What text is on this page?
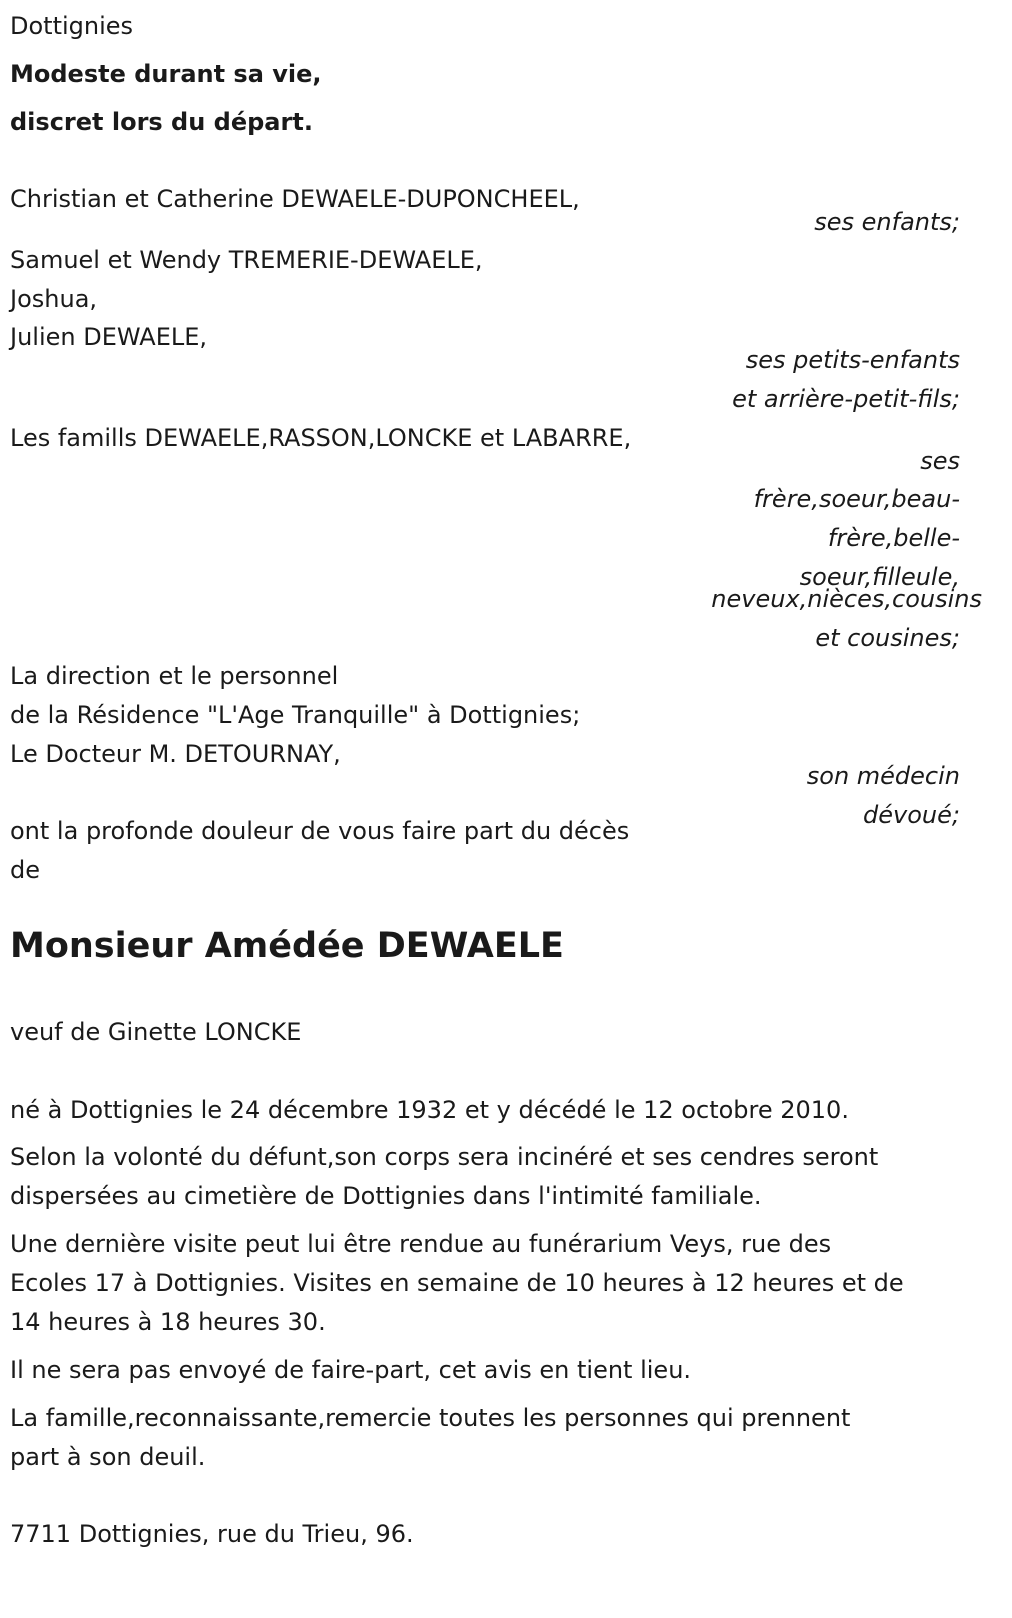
Dottignies
Modeste durant sa vie,
discret lors du départ.
Christian et Catherine DEWAELE-DUPONCHEEL,
ses enfants;
Samuel et Wendy TREMERIE-DEWAELE,
Joshua,
Julien DEWAELE,
ses petits-enfants
et arrière-petit-fils;
Les famills DEWAELE,RASSON,LONCKE et LABARRE,
ses
frère,soeur,beau-
frère,belle-
soeur,filleule,
neveux,nièces,cousins
et cousines;
La direction et le personnel
de la Résidence "L'Age Tranquille" à Dottignies;
Le Docteur M. DETOURNAY,
son médecin
dévoué;
ont la profonde douleur de vous faire part du décès
de
Monsieur Amédée DEWAELE
veuf de Ginette LONCKE
né à Dottignies le 24 décembre 1932 et y décédé le 12 octobre 2010.
Selon la volonté du défunt,son corps sera incinéré et ses cendres seront
dispersées au cimetière de Dottignies dans l'intimité familiale.
Une dernière visite peut lui être rendue au funérarium Veys, rue des
Ecoles 17 à Dottignies. Visites en semaine de 10 heures à 12 heures et de
14 heures à 18 heures 30.
Il ne sera pas envoyé de faire-part, cet avis en tient lieu.
La famille,reconnaissante,remercie toutes les personnes qui prennent
part à son deuil.
7711 Dottignies, rue du Trieu, 96.
